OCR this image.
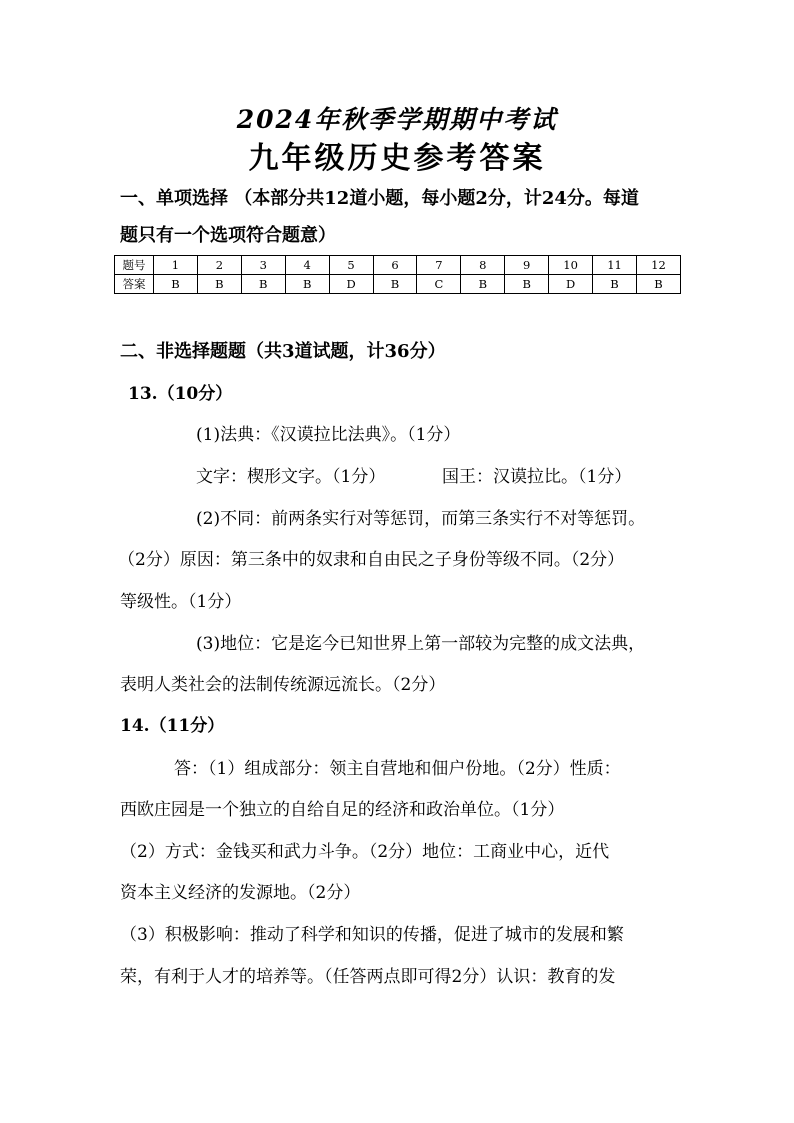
2024年秋季学期期中考试
九年级历史参考答案
一、单项选择 （本部分共12道小题，每小题2分，计24分。每道
题只有一个选项符合题意）
题号	1	2	3	4	5	6	7	8	9	10	11	12
答案	B	B	B	B	D	B	C	B	B	D	B	B
二、非选择题题（共3道试题，计36分）
13.（10分）
(1)法典：《汉谟拉比法典》。（1分）
文字：楔形文字。（1分）	国王：汉谟拉比。（1分）
(2)不同：前两条实行对等惩罚，而第三条实行不对等惩罚。
（2分）原因：第三条中的奴隶和自由民之子身份等级不同。（2分）
等级性。（1分）
(3)地位：它是迄今已知世界上第一部较为完整的成文法典，
表明人类社会的法制传统源远流长。（2分）
14.（11分）
答：（1）组成部分：领主自营地和佃户份地。（2分）性质：
西欧庄园是一个独立的自给自足的经济和政治单位。（1分）
（2）方式：金钱买和武力斗争。（2分）地位：工商业中心，近代
资本主义经济的发源地。（2分）
（3）积极影响：推动了科学和知识的传播，促进了城市的发展和繁
荣，有利于人才的培养等。（任答两点即可得2分）认识：教育的发
